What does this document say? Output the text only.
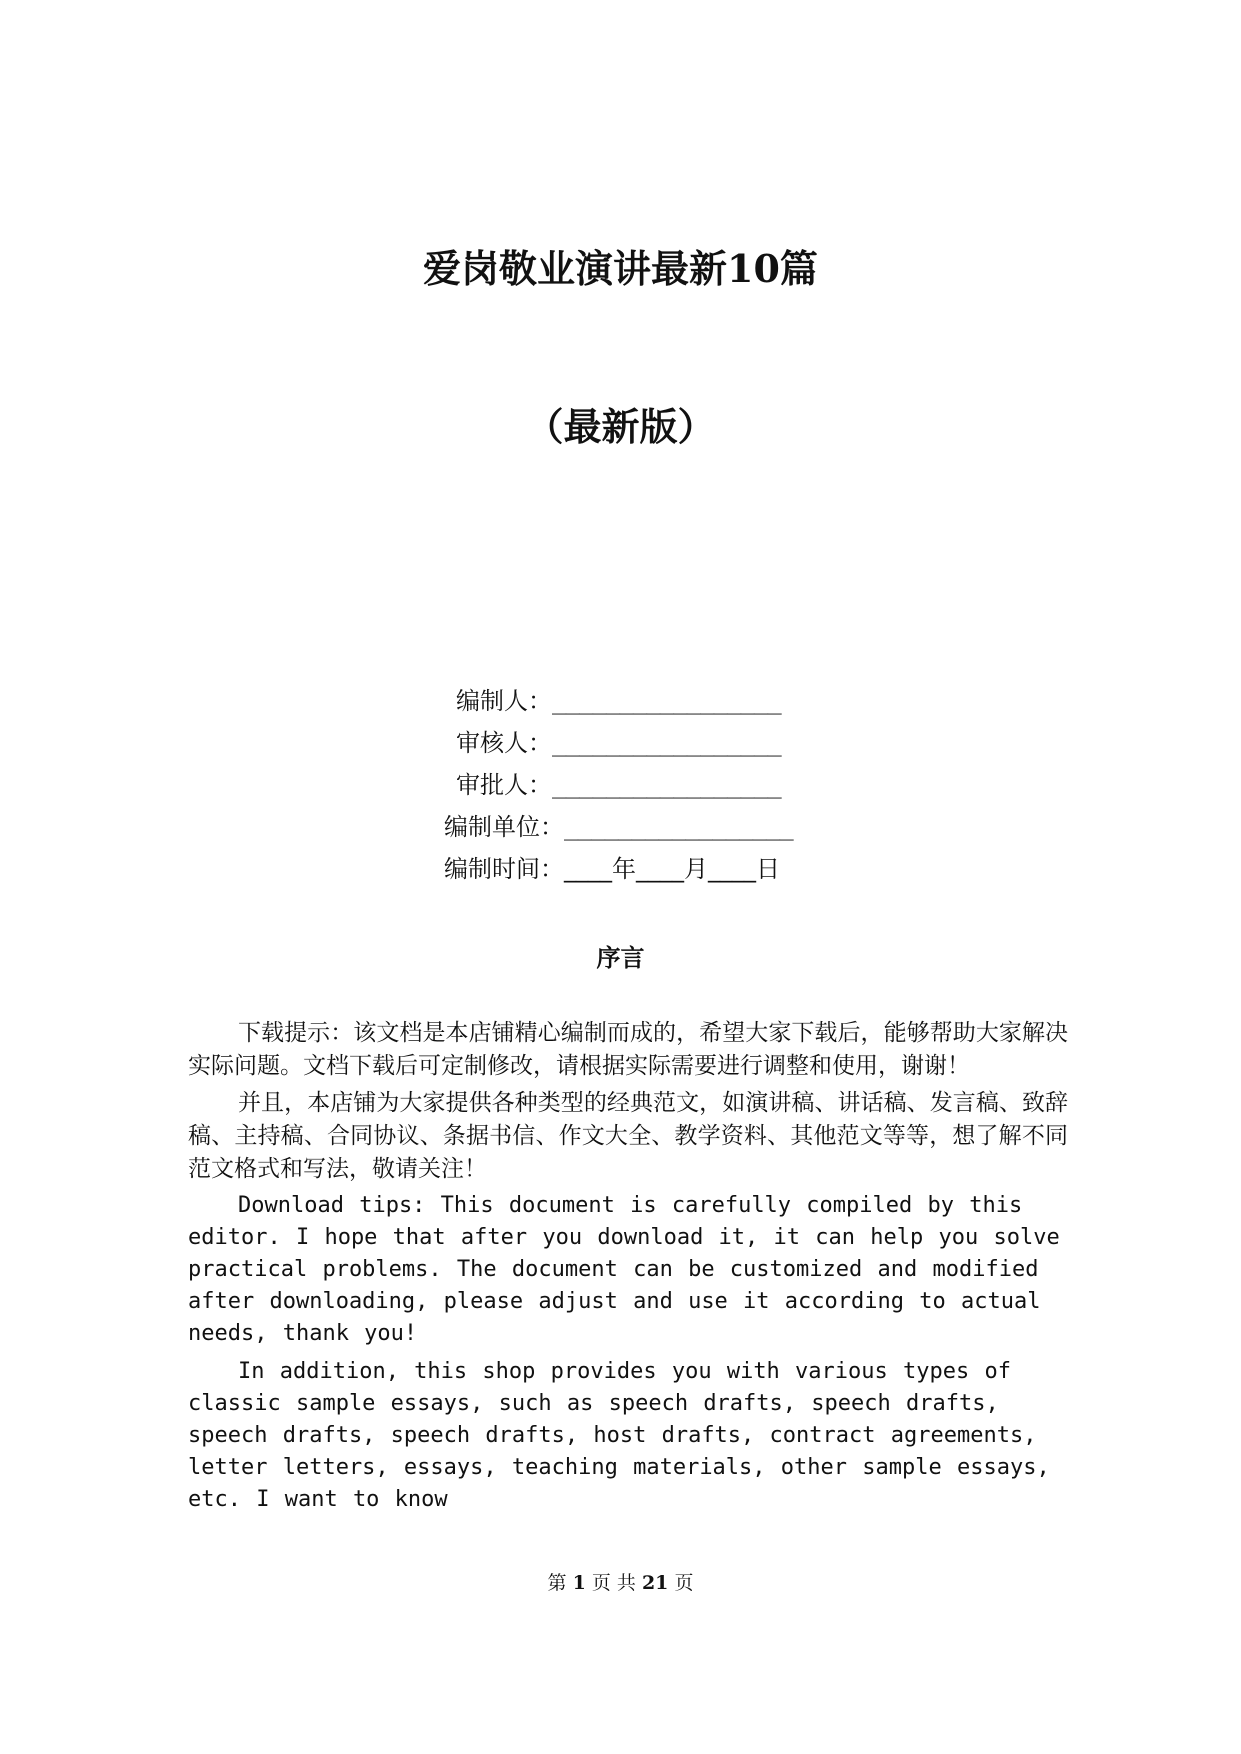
爱岗敬业演讲最新10篇
（最新版）
编制人：_________________
审核人：_________________
审批人：_________________
编制单位：_________________
编制时间：____年____月____日
序言

下载提示：该文档是本店铺精心编制而成的，希望大家下载后，能够帮助大家解决实际问题。文档下载后可定制修改，请根据实际需要进行调整和使用，谢谢！

并且，本店铺为大家提供各种类型的经典范文，如演讲稿、讲话稿、发言稿、致辞稿、主持稿、合同协议、条据书信、作文大全、教学资料、其他范文等等，想了解不同范文格式和写法，敬请关注！

Download tips: This document is carefully compiled by this editor. I hope that after you download it, it can help you solve practical problems. The document can be customized and modified after downloading, please adjust and use it according to actual needs, thank you!

In addition, this shop provides you with various types of classic sample essays, such as speech drafts, speech drafts, speech drafts, speech drafts, host drafts, contract agreements, letter letters, essays, teaching materials, other sample essays, etc. I want to know

第 1 页 共 21 页
